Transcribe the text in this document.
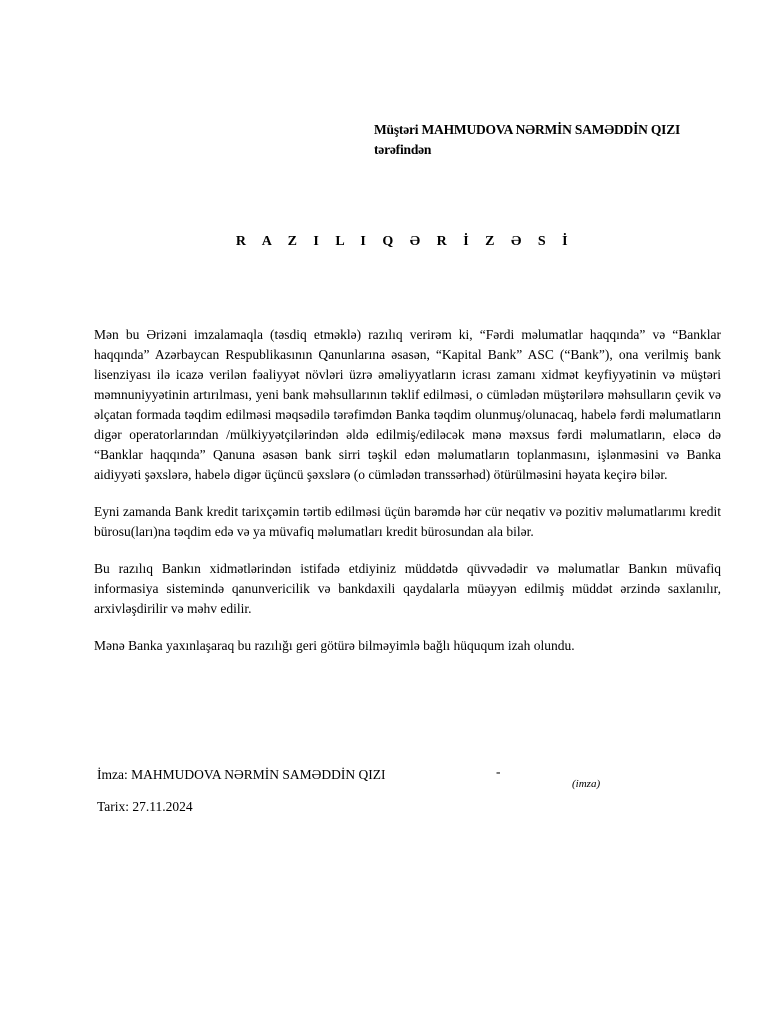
Müştəri MAHMUDOVA NƏRMİN SAMƏDDİN QIZI
tərəfindən
R A Z I L I Q Ə R İ Z Ə S İ

Mən bu Ərizəni imzalamaqla (təsdiq etməklə) razılıq verirəm ki, “Fərdi məlumatlar haqqında” və “Banklar haqqında” Azərbaycan Respublikasının Qanunlarına əsasən, “Kapital Bank” ASC (“Bank”), ona verilmiş bank lisenziyası ilə icazə verilən fəaliyyət növləri üzrə əməliyyatların icrası zamanı xidmət keyfiyyətinin və müştəri məmnuniyyətinin artırılması, yeni bank məhsullarının təklif edilməsi, o cümlədən müştərilərə məhsulların çevik və əlçatan formada təqdim edilməsi məqsədilə tərəfimdən Banka təqdim olunmuş/olunacaq, habelə fərdi məlumatların digər operatorlarından /mülkiyyətçilərindən əldə edilmiş/ediləcək mənə məxsus fərdi məlumatların, eləcə də “Banklar haqqında” Qanuna əsasən bank sirri təşkil edən məlumatların toplanmasını, işlənməsini və Banka aidiyyəti şəxslərə, habelə digər üçüncü şəxslərə (o cümlədən transsərhəd) ötürülməsini həyata keçirə bilər.

Eyni zamanda Bank kredit tarixçəmin tərtib edilməsi üçün barəmdə hər cür neqativ və pozitiv məlumatlarımı kredit bürosu(ları)na təqdim edə və ya müvafiq məlumatları kredit bürosundan ala bilər.

Bu razılıq Bankın xidmətlərindən istifadə etdiyiniz müddətdə qüvvədədir və məlumatlar Bankın müvafiq informasiya sistemində qanunvericilik və bankdaxili qaydalarla müəyyən edilmiş müddət ərzində saxlanılır, arxivləşdirilir və məhv edilir.

Mənə Banka yaxınlaşaraq bu razılığı geri götürə bilməyimlə bağlı hüququm izah olundu.

İmza: MAHMUDOVA NƏRMİN SAMƏDDİN QIZI	-
(imza)
Tarix: 27.11.2024
